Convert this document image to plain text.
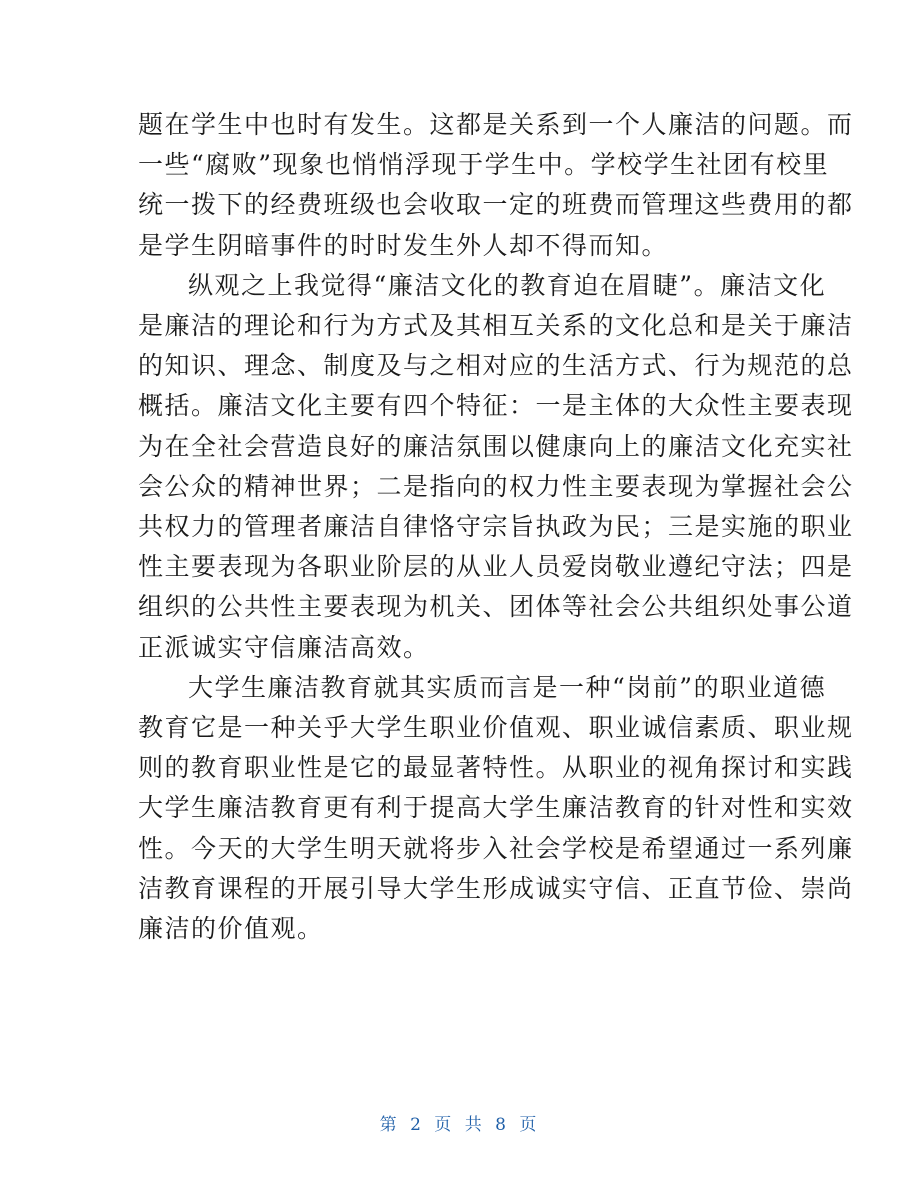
题在学生中也时有发生。这都是关系到一个人廉洁的问题。而
一些“腐败”现象也悄悄浮现于学生中。学校学生社团有校里
统一拨下的经费班级也会收取一定的班费而管理这些费用的都
是学生阴暗事件的时时发生外人却不得而知。

纵观之上我觉得“廉洁文化的教育迫在眉睫”。廉洁文化
是廉洁的理论和行为方式及其相互关系的文化总和是关于廉洁
的知识、理念、制度及与之相对应的生活方式、行为规范的总
概括。廉洁文化主要有四个特征：一是主体的大众性主要表现
为在全社会营造良好的廉洁氛围以健康向上的廉洁文化充实社
会公众的精神世界；二是指向的权力性主要表现为掌握社会公
共权力的管理者廉洁自律恪守宗旨执政为民；三是实施的职业
性主要表现为各职业阶层的从业人员爱岗敬业遵纪守法；四是
组织的公共性主要表现为机关、团体等社会公共组织处事公道
正派诚实守信廉洁高效。

大学生廉洁教育就其实质而言是一种“岗前”的职业道德
教育它是一种关乎大学生职业价值观、职业诚信素质、职业规
则的教育职业性是它的最显著特性。从职业的视角探讨和实践
大学生廉洁教育更有利于提高大学生廉洁教育的针对性和实效
性。今天的大学生明天就将步入社会学校是希望通过一系列廉
洁教育课程的开展引导大学生形成诚实守信、正直节俭、崇尚
廉洁的价值观。

第 2 页 共 8 页
